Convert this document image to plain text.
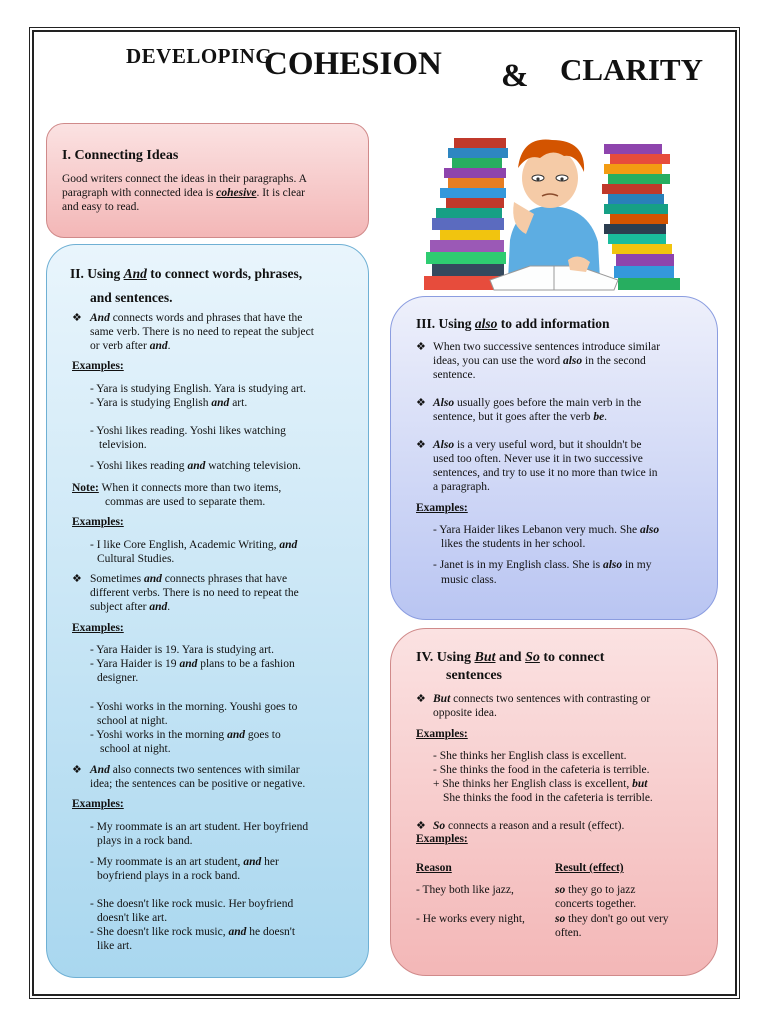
DEVELOPING
COHESION & CLARITY
I. Connecting Ideas
Good writers connect the ideas in their paragraphs. A
paragraph with connected idea is cohesive. It is clear
and easy to read.
II. Using And to connect words, phrases,
and sentences.
❖ And connects words and phrases that have the
same verb. There is no need to repeat the subject
or verb after and.
Examples:
- Yara is studying English. Yara is studying art.
- Yara is studying English and art.
- Yoshi likes reading. Yoshi likes watching
television.
- Yoshi likes reading and watching television.
Note: When it connects more than two items,
commas are used to separate them.
Examples:
- I like Core English, Academic Writing, and
Cultural Studies.
❖ Sometimes and connects phrases that have
different verbs. There is no need to repeat the
subject after and.
Examples:
- Yara Haider is 19. Yara is studying art.
- Yara Haider is 19 and plans to be a fashion
designer.
- Yoshi works in the morning. Youshi goes to
school at night.
- Yoshi works in the morning and goes to
school at night.
❖ And also connects two sentences with similar
idea; the sentences can be positive or negative.
Examples:
- My roommate is an art student. Her boyfriend
plays in a rock band.
- My roommate is an art student, and her
boyfriend plays in a rock band.
- She doesn't like rock music. Her boyfriend
doesn't like art.
- She doesn't like rock music, and he doesn't
like art.
III. Using also to add information
❖ When two successive sentences introduce similar
ideas, you can use the word also in the second
sentence.
❖ Also usually goes before the main verb in the
sentence, but it goes after the verb be.
❖ Also is a very useful word, but it shouldn't be
used too often. Never use it in two successive
sentences, and try to use it no more than twice in
a paragraph.
Examples:
- Yara Haider likes Lebanon very much. She also
likes the students in her school.
- Janet is in my English class. She is also in my
music class.
IV. Using But and So to connect
sentences
❖ But connects two sentences with contrasting or
opposite idea.
Examples:
- She thinks her English class is excellent.
- She thinks the food in the cafeteria is terrible.
+ She thinks her English class is excellent, but
She thinks the food in the cafeteria is terrible.
❖ So connects a reason and a result (effect).
Examples:
Reason	Result (effect)
- They both like jazz,	so they go to jazz
concerts together.
- He works every night,	so they don't go out very
often.
